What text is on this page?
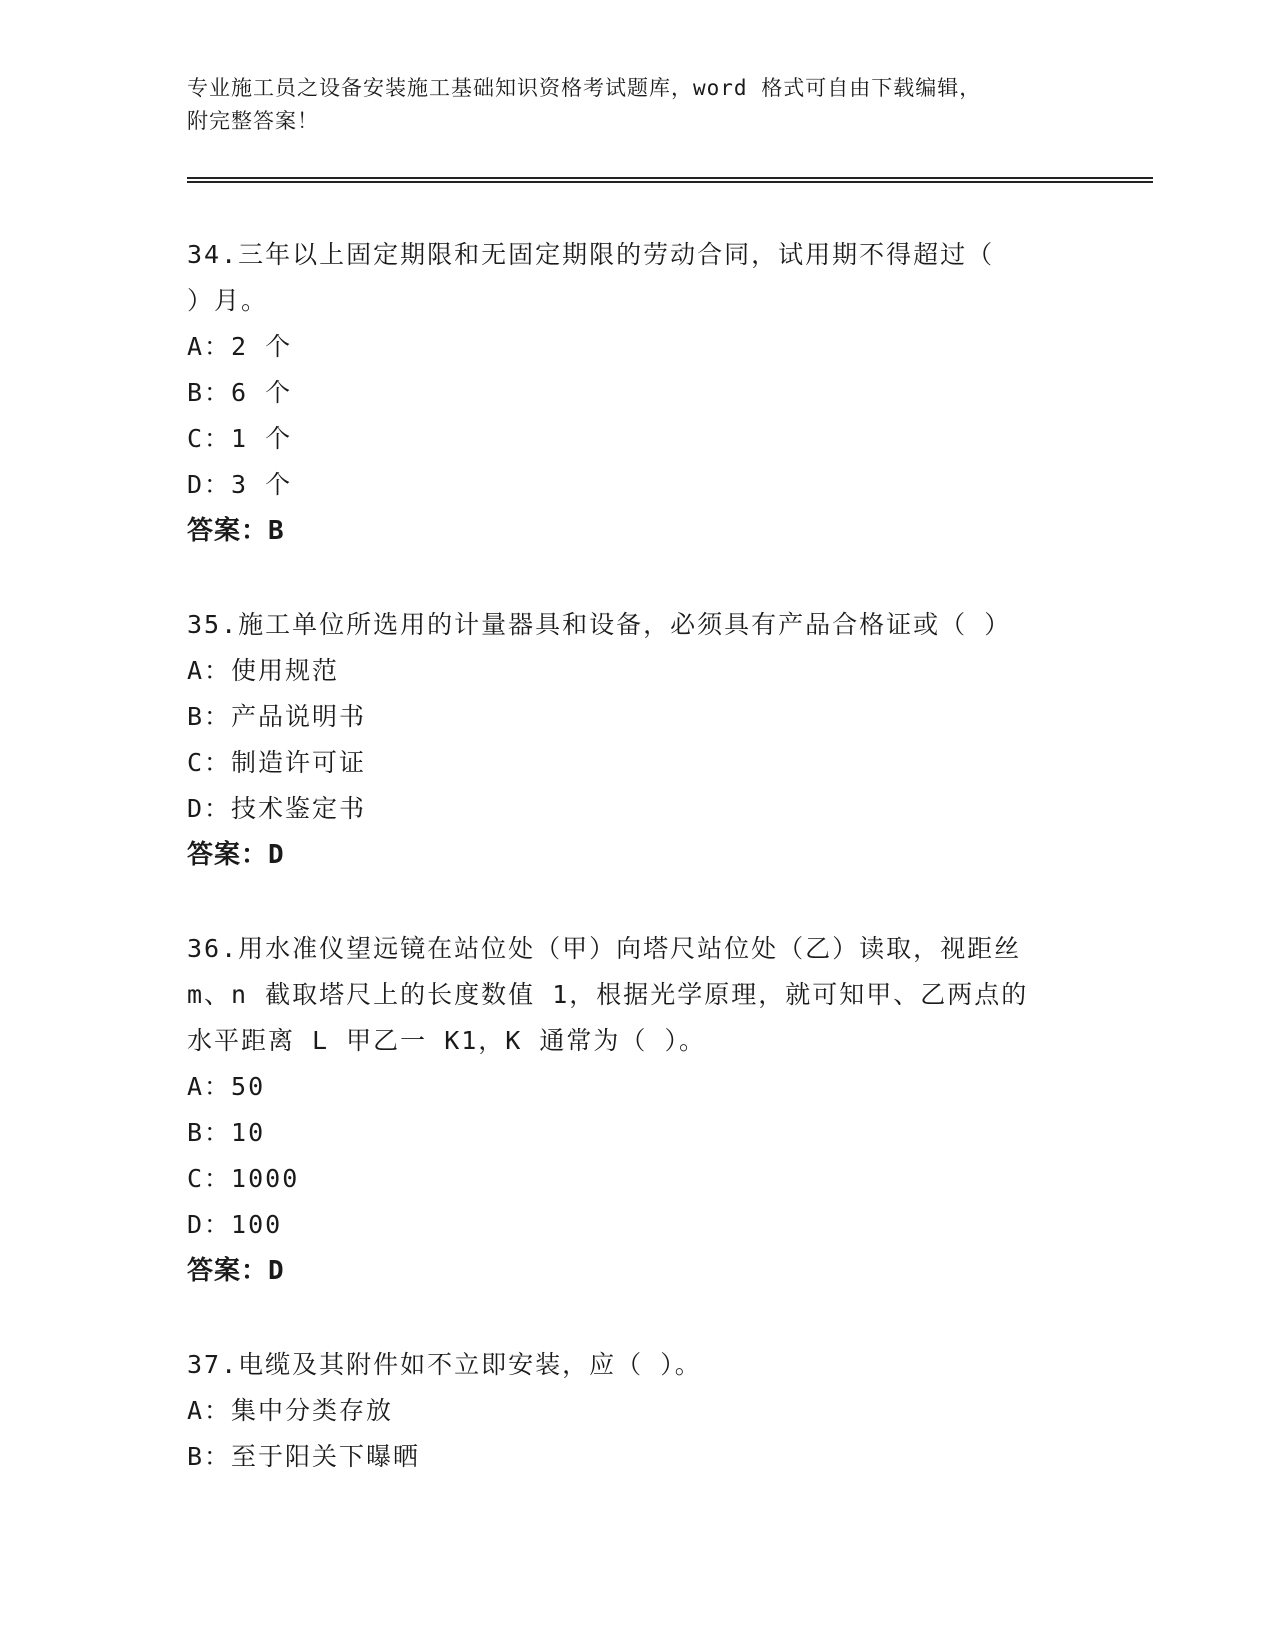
专业施工员之设备安装施工基础知识资格考试题库，word 格式可自由下载编辑，
附完整答案！
34.三年以上固定期限和无固定期限的劳动合同，试用期不得超过（
）月。
A：2 个
B：6 个
C：1 个
D：3 个
答案：B
35.施工单位所选用的计量器具和设备，必须具有产品合格证或（ ）
A：使用规范
B：产品说明书
C：制造许可证
D：技术鉴定书
答案：D
36.用水准仪望远镜在站位处（甲）向塔尺站位处（乙）读取，视距丝
m、n 截取塔尺上的长度数值 1，根据光学原理，就可知甲、乙两点的
水平距离 L 甲乙一 K1，K 通常为（ ）。
A：50
B：10
C：1000
D：100
答案：D
37.电缆及其附件如不立即安装，应（ ）。
A：集中分类存放
B：至于阳关下曝晒
